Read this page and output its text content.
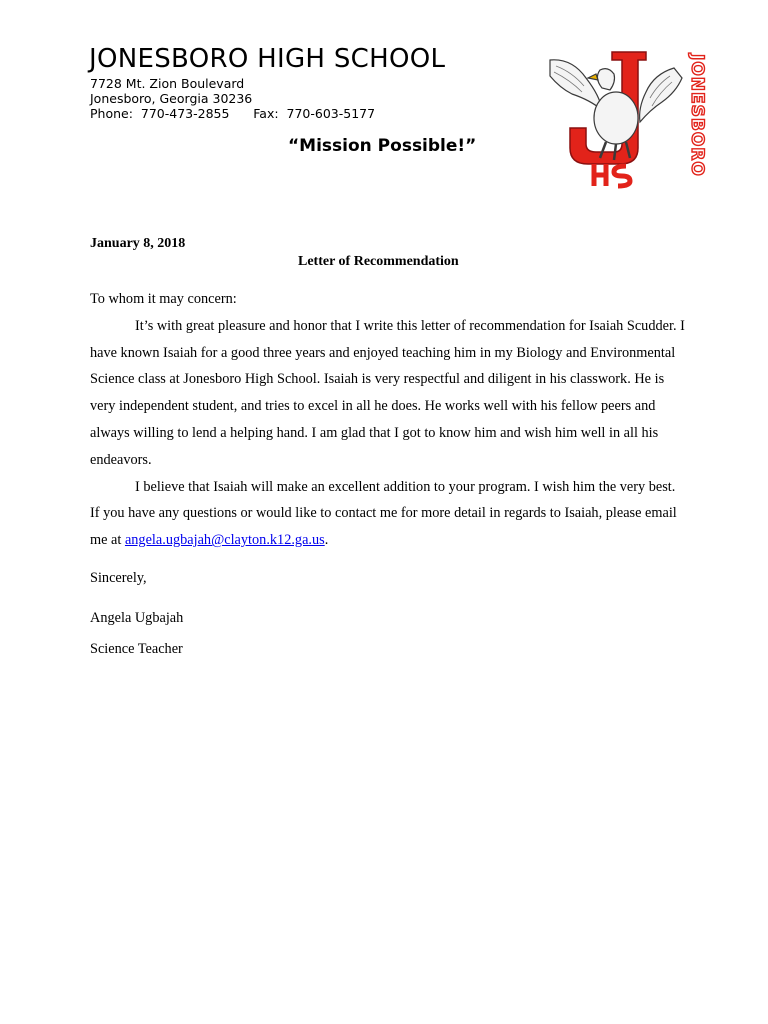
JONESBORO HIGH SCHOOL
7728 Mt. Zion Boulevard
Jonesboro, Georgia 30236
Phone:  770-473-2855      Fax:  770-603-5177
“Mission Possible!”	JONESBORO
January 8, 2018
Letter of Recommendation

To whom it may concern:

It’s with great pleasure and honor that I write this letter of recommendation for Isaiah Scudder. I have known Isaiah for a good three years and enjoyed teaching him in my Biology and Environmental Science class at Jonesboro High School. Isaiah is very respectful and diligent in his classwork. He is very independent student, and tries to excel in all he does. He works well with his fellow peers and always willing to lend a helping hand. I am glad that I got to know him and wish him well in all his endeavors.

I believe that Isaiah will make an excellent addition to your program. I wish him the very best. If you have any questions or would like to contact me for more detail in regards to Isaiah, please email me at angela.ugbajah@clayton.k12.ga.us.

Sincerely,
Angela Ugbajah
Science Teacher
